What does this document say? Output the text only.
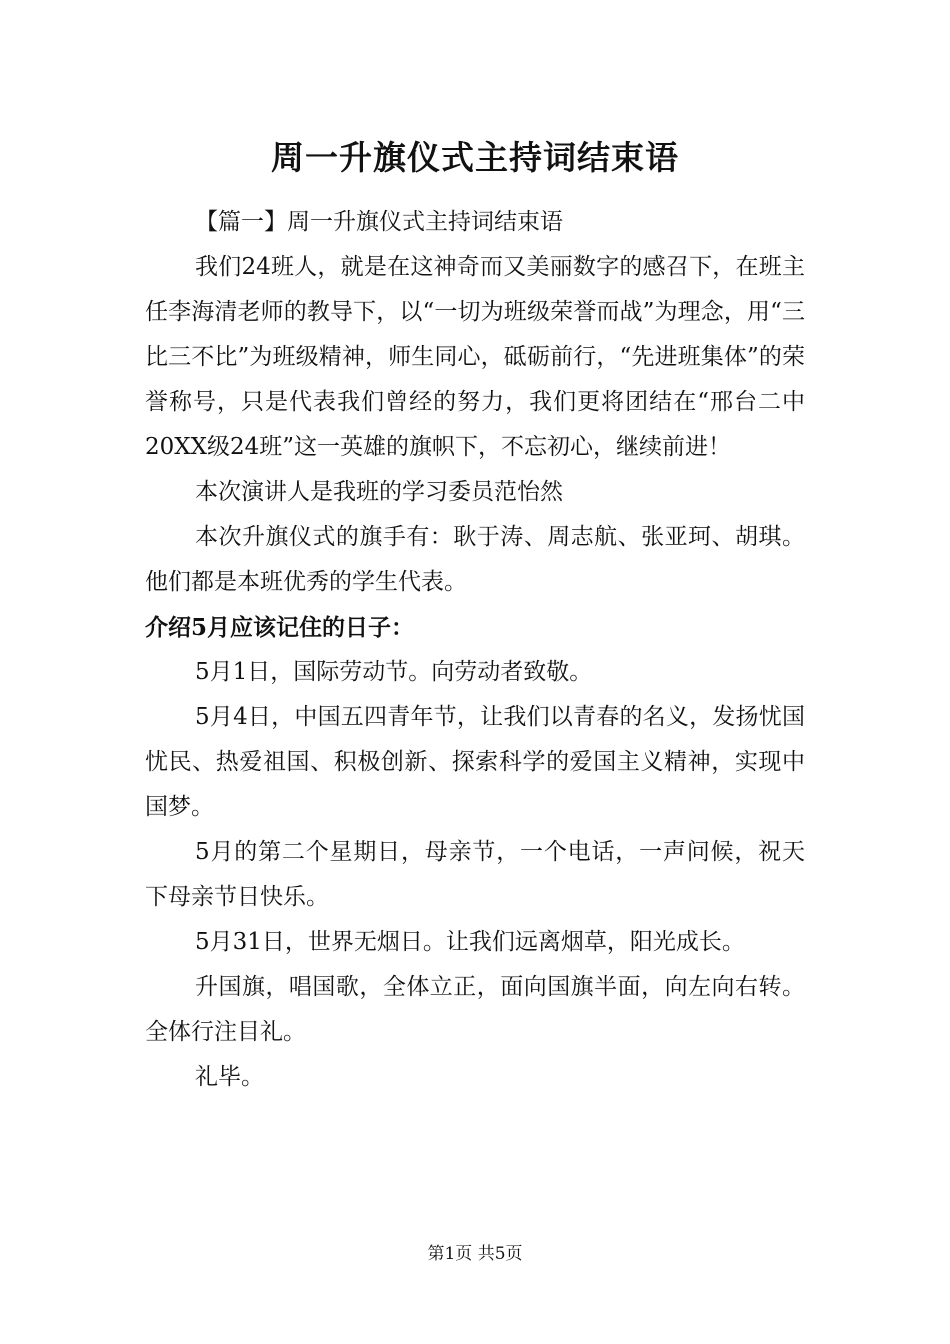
周一升旗仪式主持词结束语

【篇一】周一升旗仪式主持词结束语

我们24班人，就是在这神奇而又美丽数字的感召下，在班主任李海清老师的教导下，以“一切为班级荣誉而战”为理念，用“三比三不比”为班级精神，师生同心，砥砺前行，“先进班集体”的荣誉称号，只是代表我们曾经的努力，我们更将团结在“邢台二中20XX级24班”这一英雄的旗帜下，不忘初心，继续前进！

本次演讲人是我班的学习委员范怡然

本次升旗仪式的旗手有：耿于涛、周志航、张亚珂、胡琪。他们都是本班优秀的学生代表。

介绍5月应该记住的日子：

5月1日，国际劳动节。向劳动者致敬。

5月4日，中国五四青年节，让我们以青春的名义，发扬忧国忧民、热爱祖国、积极创新、探索科学的爱国主义精神，实现中国梦。

5月的第二个星期日，母亲节，一个电话，一声问候，祝天下母亲节日快乐。

5月31日，世界无烟日。让我们远离烟草，阳光成长。

升国旗，唱国歌，全体立正，面向国旗半面，向左向右转。全体行注目礼。

礼毕。

第1页 共5页
